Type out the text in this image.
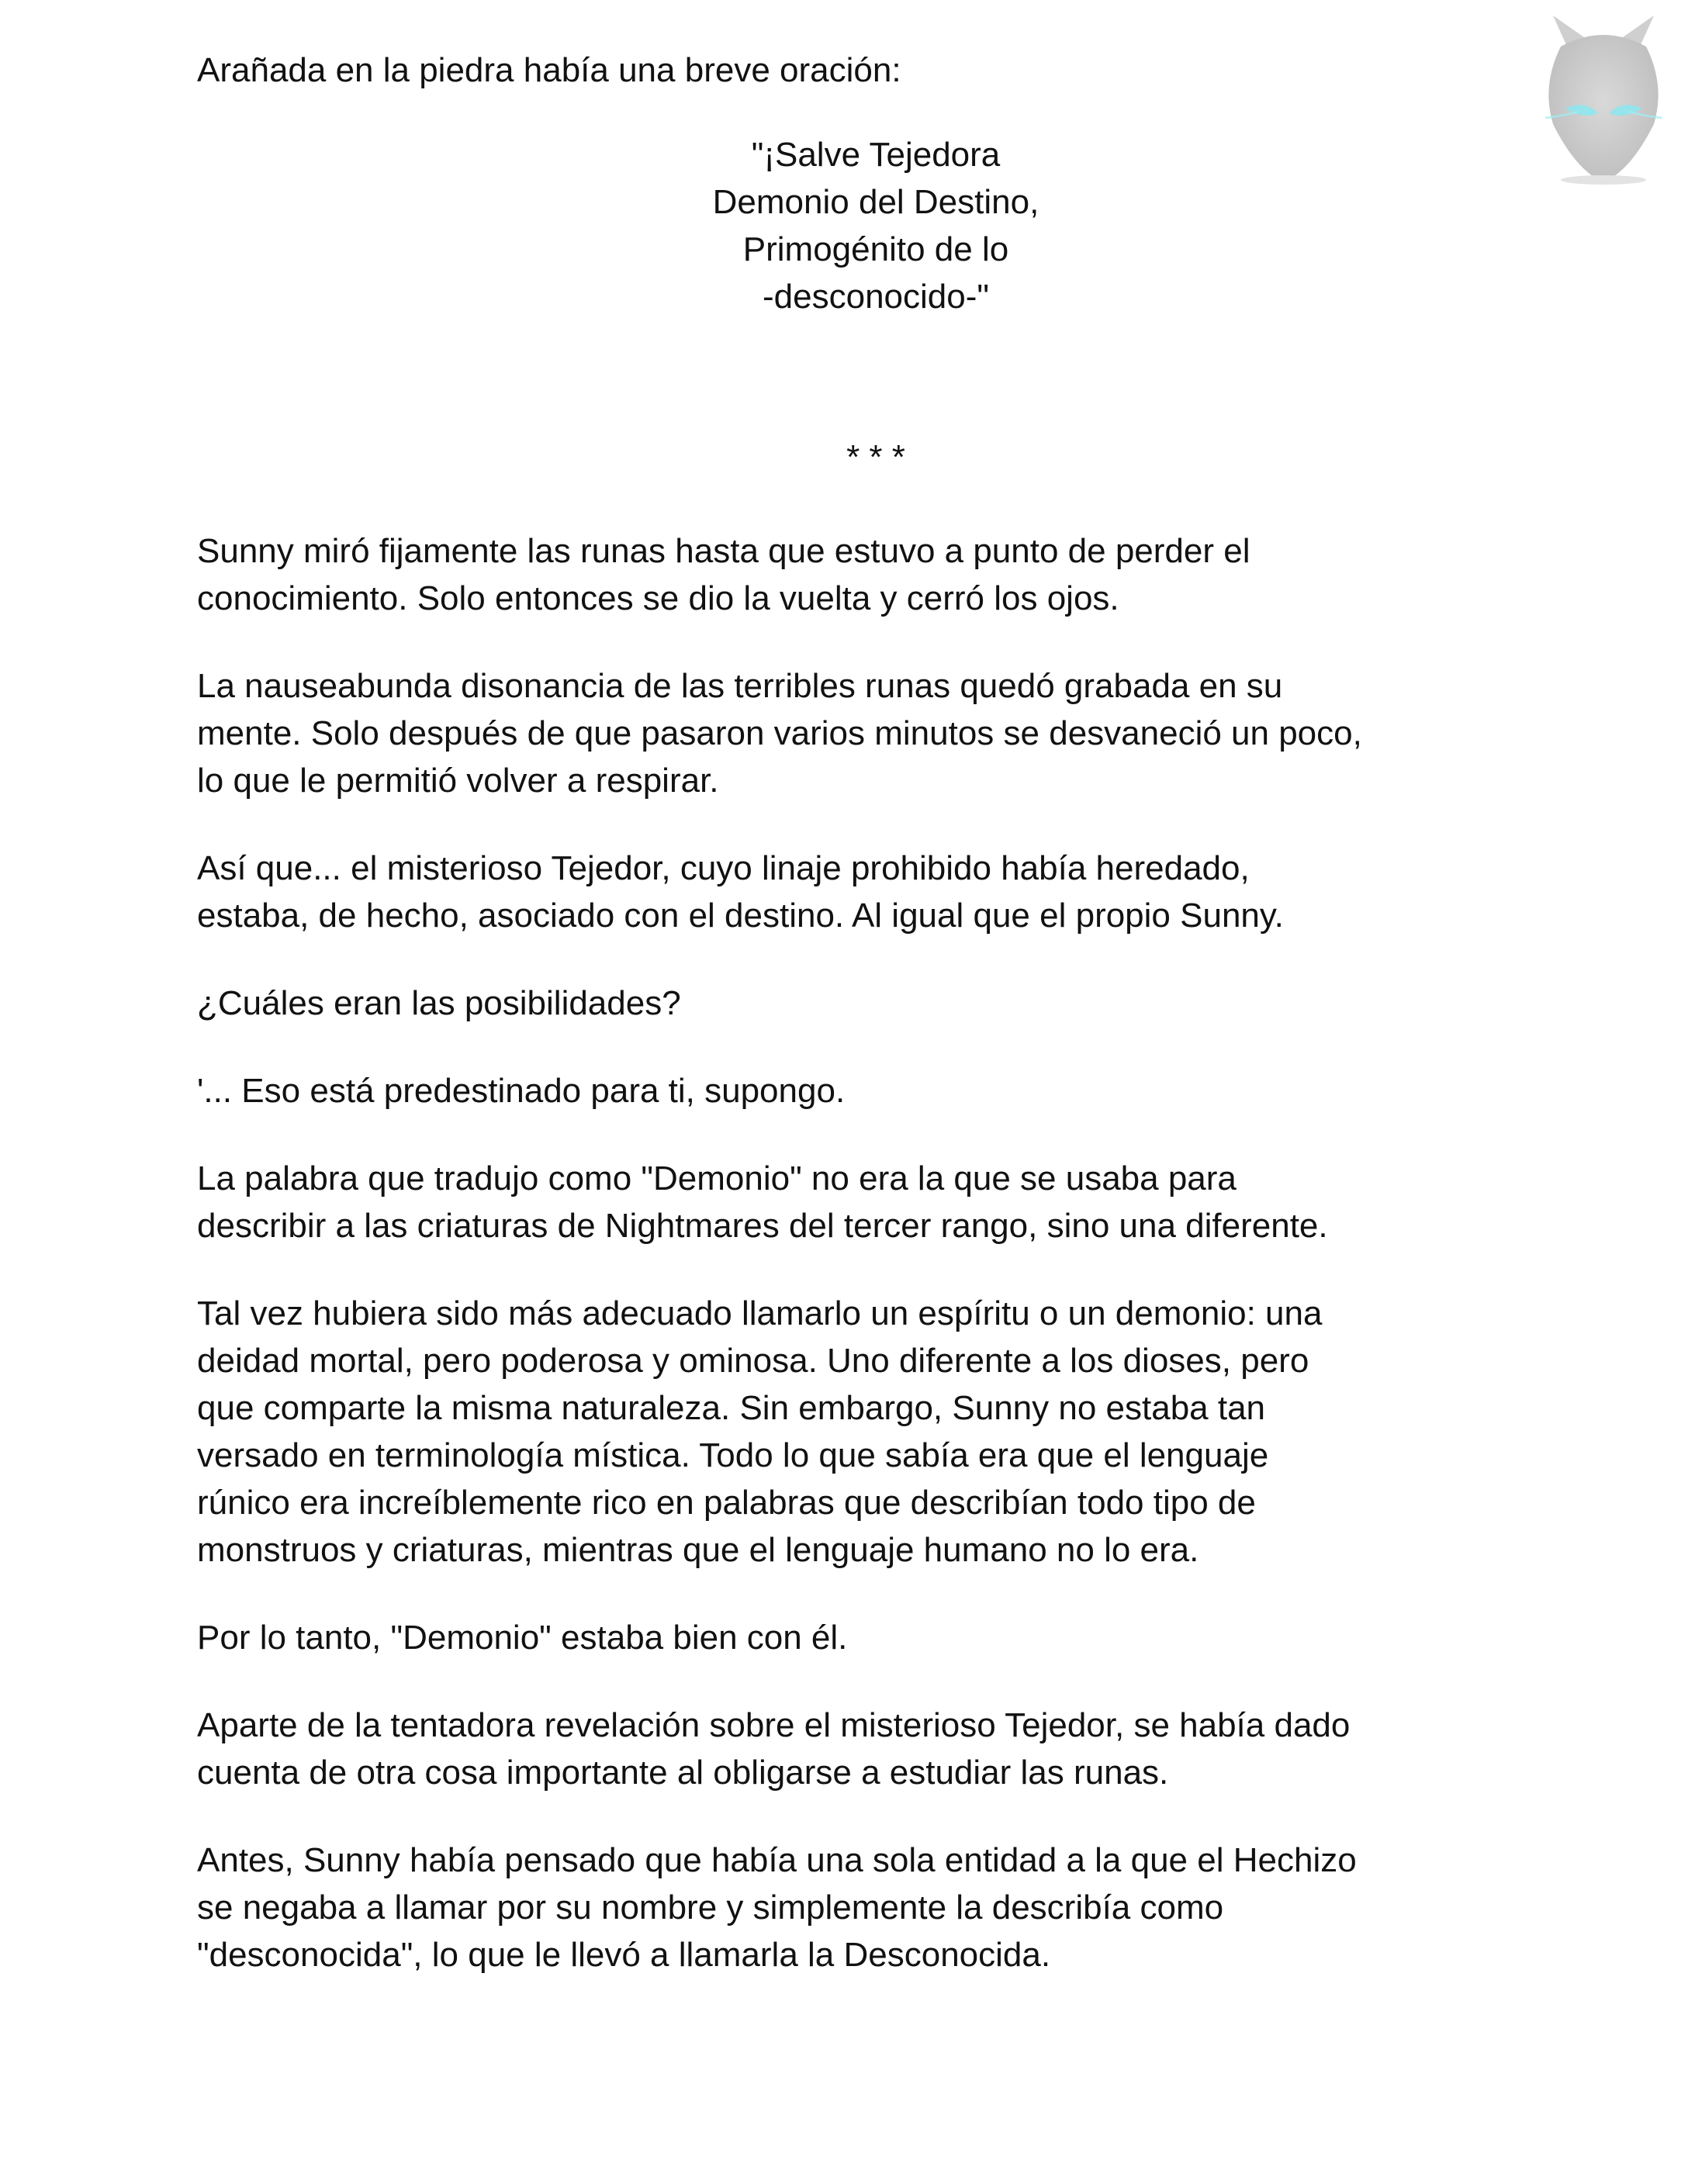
Arañada en la piedra había una breve oración:

"¡Salve Tejedora
Demonio del Destino,
Primogénito de lo
-desconocido-"
* * *

Sunny miró fijamente las runas hasta que estuvo a punto de perder el
conocimiento. Solo entonces se dio la vuelta y cerró los ojos.

La nauseabunda disonancia de las terribles runas quedó grabada en su
mente. Solo después de que pasaron varios minutos se desvaneció un poco,
lo que le permitió volver a respirar.

Así que... el misterioso Tejedor, cuyo linaje prohibido había heredado,
estaba, de hecho, asociado con el destino. Al igual que el propio Sunny.

¿Cuáles eran las posibilidades?

'... Eso está predestinado para ti, supongo.

La palabra que tradujo como "Demonio" no era la que se usaba para
describir a las criaturas de Nightmares del tercer rango, sino una diferente.

Tal vez hubiera sido más adecuado llamarlo un espíritu o un demonio: una
deidad mortal, pero poderosa y ominosa. Uno diferente a los dioses, pero
que comparte la misma naturaleza. Sin embargo, Sunny no estaba tan
versado en terminología mística. Todo lo que sabía era que el lenguaje
rúnico era increíblemente rico en palabras que describían todo tipo de
monstruos y criaturas, mientras que el lenguaje humano no lo era.

Por lo tanto, "Demonio" estaba bien con él.

Aparte de la tentadora revelación sobre el misterioso Tejedor, se había dado
cuenta de otra cosa importante al obligarse a estudiar las runas.

Antes, Sunny había pensado que había una sola entidad a la que el Hechizo
se negaba a llamar por su nombre y simplemente la describía como
"desconocida", lo que le llevó a llamarla la Desconocida.
